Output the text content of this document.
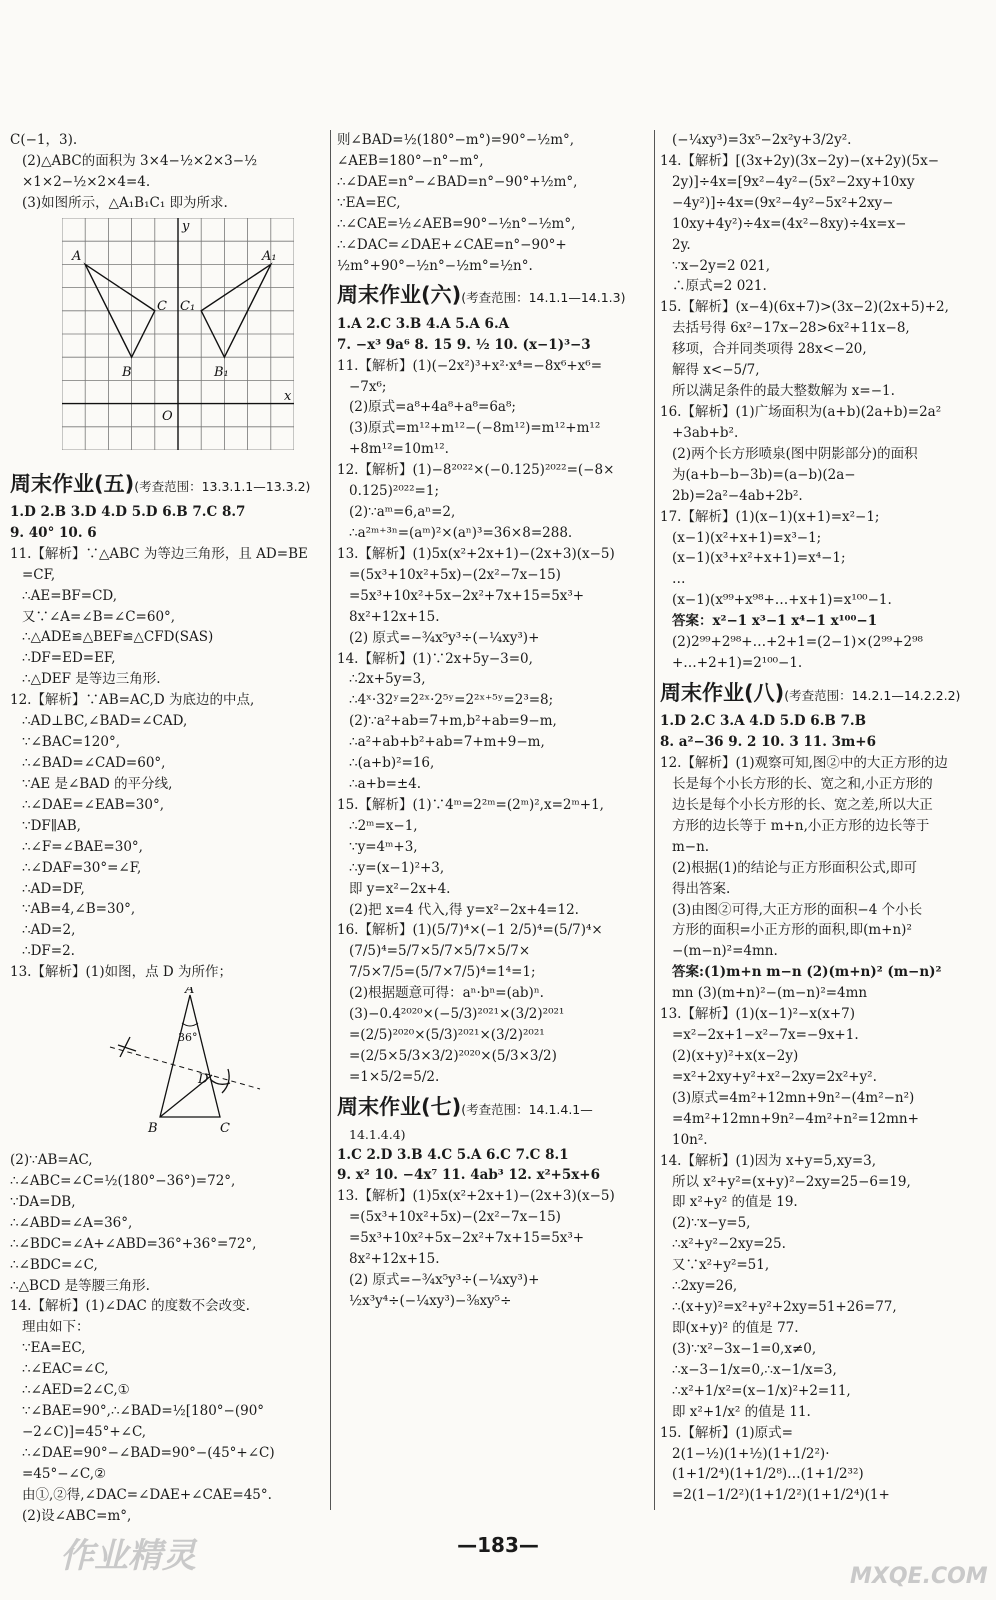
C(−1，3).
(2)△ABC的面积为 3×4−½×2×3−½
×1×2−½×2×4=4.
(3)如图所示，△A₁B₁C₁ 即为所求.
A	A₁
C C₁
B	B₁
O
x
y
周末作业(五)(考查范围：13.3.1.1—13.3.2)
1.D 2.B 3.D 4.D 5.D 6.B 7.C 8.7
9. 40° 10. 6
11.【解析】∵△ABC 为等边三角形，且 AD=BE
=CF,
∴AE=BF=CD,
又∵∠A=∠B=∠C=60°,
∴△ADE≌△BEF≌△CFD(SAS)
∴DF=ED=EF,
∴△DEF 是等边三角形.
12.【解析】∵AB=AC,D 为底边的中点,
∴AD⊥BC,∠BAD=∠CAD,
∵∠BAC=120°,
∴∠BAD=∠CAD=60°,
∵AE 是∠BAD 的平分线,
∴∠DAE=∠EAB=30°,
∵DF∥AB,
∴∠F=∠BAE=30°,
∴∠DAF=30°=∠F,
∴AD=DF,
∵AB=4,∠B=30°,
∴AD=2,
∴DF=2.
13.【解析】(1)如图，点 D 为所作；
A
B	C
D
36°
(2)∵AB=AC,
∴∠ABC=∠C=½(180°−36°)=72°,
∵DA=DB,
∴∠ABD=∠A=36°,
∴∠BDC=∠A+∠ABD=36°+36°=72°,
∴∠BDC=∠C,
∴△BCD 是等腰三角形.
14.【解析】(1)∠DAC 的度数不会改变.
理由如下：
∵EA=EC,
∴∠EAC=∠C,
∴∠AED=2∠C,①
∵∠BAE=90°,∴∠BAD=½[180°−(90°
−2∠C)]=45°+∠C,
∴∠DAE=90°−∠BAD=90°−(45°+∠C)
=45°−∠C,②
由①,②得,∠DAC=∠DAE+∠CAE=45°.
(2)设∠ABC=m°,
则∠BAD=½(180°−m°)=90°−½m°,
∠AEB=180°−n°−m°,
∴∠DAE=n°−∠BAD=n°−90°+½m°,
∵EA=EC,
∴∠CAE=½∠AEB=90°−½n°−½m°,
∴∠DAC=∠DAE+∠CAE=n°−90°+
½m°+90°−½n°−½m°=½n°.
周末作业(六)(考查范围：14.1.1—14.1.3)
1.A 2.C 3.B 4.A 5.A 6.A
7. −x³ 9a⁶ 8. 15 9. ½ 10. (x−1)³−3
11.【解析】(1)(−2x²)³+x²·x⁴=−8x⁶+x⁶=
−7x⁶;
(2)原式=a⁸+4a⁸+a⁸=6a⁸;
(3)原式=m¹²+m¹²−(−8m¹²)=m¹²+m¹²
+8m¹²=10m¹².
12.【解析】(1)−8²⁰²²×(−0.125)²⁰²²=(−8×
0.125)²⁰²²=1;
(2)∵aᵐ=6,aⁿ=2,
∴a²ᵐ⁺³ⁿ=(aᵐ)²×(aⁿ)³=36×8=288.
13.【解析】(1)5x(x²+2x+1)−(2x+3)(x−5)
=(5x³+10x²+5x)−(2x²−7x−15)
=5x³+10x²+5x−2x²+7x+15=5x³+
8x²+12x+15.
(2) 原式=−¾x⁵y³÷(−¼xy³)+
14.【解析】(1)∵2x+5y−3=0,
∴2x+5y=3,
∴4ˣ·32ʸ=2²ˣ·2⁵ʸ=2²ˣ⁺⁵ʸ=2³=8;
(2)∵a²+ab=7+m,b²+ab=9−m,
∴a²+ab+b²+ab=7+m+9−m,
∴(a+b)²=16,
∴a+b=±4.
15.【解析】(1)∵4ᵐ=2²ᵐ=(2ᵐ)²,x=2ᵐ+1,
∴2ᵐ=x−1,
∵y=4ᵐ+3,
∴y=(x−1)²+3,
即 y=x²−2x+4.
(2)把 x=4 代入,得 y=x²−2x+4=12.
16.【解析】(1)(5/7)⁴×(−1 2/5)⁴=(5/7)⁴×
(7/5)⁴=5/7×5/7×5/7×5/7×
7/5×7/5=(5/7×7/5)⁴=1⁴=1;
(2)根据题意可得：aⁿ·bⁿ=(ab)ⁿ.
(3)−0.4²⁰²⁰×(−5/3)²⁰²¹×(3/2)²⁰²¹
=(2/5)²⁰²⁰×(5/3)²⁰²¹×(3/2)²⁰²¹
=(2/5×5/3×3/2)²⁰²⁰×(5/3×3/2)
=1×5/2=5/2.
周末作业(七)(考查范围：14.1.4.1—
14.1.4.4)
1.C 2.D 3.B 4.C 5.A 6.C 7.C 8.1
9. x² 10. −4x⁷ 11. 4ab³ 12. x²+5x+6
13.【解析】(1)5x(x²+2x+1)−(2x+3)(x−5)
=(5x³+10x²+5x)−(2x²−7x−15)
=5x³+10x²+5x−2x²+7x+15=5x³+
8x²+12x+15.
(2) 原式=−¾x⁵y³÷(−¼xy³)+
½x³y⁴÷(−¼xy³)−⅜xy⁵÷
(−¼xy³)=3x⁵−2x²y+3/2y².
14.【解析】[(3x+2y)(3x−2y)−(x+2y)(5x−
2y)]÷4x=[9x²−4y²−(5x²−2xy+10xy
−4y²)]÷4x=(9x²−4y²−5x²+2xy−
10xy+4y²)÷4x=(4x²−8xy)÷4x=x−
2y.
∵x−2y=2 021,
∴原式=2 021.
15.【解析】(x−4)(6x+7)>(3x−2)(2x+5)+2,
去括号得 6x²−17x−28>6x²+11x−8,
移项，合并同类项得 28x<−20,
解得 x<−5/7,
所以满足条件的最大整数解为 x=−1.
16.【解析】(1)广场面积为(a+b)(2a+b)=2a²
+3ab+b².
(2)两个长方形喷泉(图中阴影部分)的面积
为(a+b−b−3b)=(a−b)(2a−
2b)=2a²−4ab+2b².
17.【解析】(1)(x−1)(x+1)=x²−1;
(x−1)(x²+x+1)=x³−1;
(x−1)(x³+x²+x+1)=x⁴−1;
…
(x−1)(x⁹⁹+x⁹⁸+…+x+1)=x¹⁰⁰−1.
答案：x²−1 x³−1 x⁴−1 x¹⁰⁰−1
(2)2⁹⁹+2⁹⁸+…+2+1=(2−1)×(2⁹⁹+2⁹⁸
+…+2+1)=2¹⁰⁰−1.
周末作业(八)(考查范围：14.2.1—14.2.2.2)
1.D 2.C 3.A 4.D 5.D 6.B 7.B
8. a²−36 9. 2 10. 3 11. 3m+6
12.【解析】(1)观察可知,图②中的大正方形的边
长是每个小长方形的长、宽之和,小正方形的
边长是每个小长方形的长、宽之差,所以大正
方形的边长等于 m+n,小正方形的边长等于
m−n.
(2)根据(1)的结论与正方形面积公式,即可
得出答案.
(3)由图②可得,大正方形的面积−4 个小长
方形的面积=小正方形的面积,即(m+n)²
−(m−n)²=4mn.
答案:(1)m+n m−n (2)(m+n)² (m−n)²
mn (3)(m+n)²−(m−n)²=4mn
13.【解析】(1)(x−1)²−x(x+7)
=x²−2x+1−x²−7x=−9x+1.
(2)(x+y)²+x(x−2y)
=x²+2xy+y²+x²−2xy=2x²+y².
(3)原式=4m²+12mn+9n²−(4m²−n²)
=4m²+12mn+9n²−4m²+n²=12mn+
10n².
14.【解析】(1)因为 x+y=5,xy=3,
所以 x²+y²=(x+y)²−2xy=25−6=19,
即 x²+y² 的值是 19.
(2)∵x−y=5,
∴x²+y²−2xy=25.
又∵x²+y²=51,
∴2xy=26,
∴(x+y)²=x²+y²+2xy=51+26=77,
即(x+y)² 的值是 77.
(3)∵x²−3x−1=0,x≠0,
∴x−3−1/x=0,∴x−1/x=3,
∴x²+1/x²=(x−1/x)²+2=11,
即 x²+1/x² 的值是 11.
15.【解析】(1)原式=
2(1−½)(1+½)(1+1/2²)·
(1+1/2⁴)(1+1/2⁸)…(1+1/2³²)
=2(1−1/2²)(1+1/2²)(1+1/2⁴)(1+
—183—
作业精灵
MXQE.COM
